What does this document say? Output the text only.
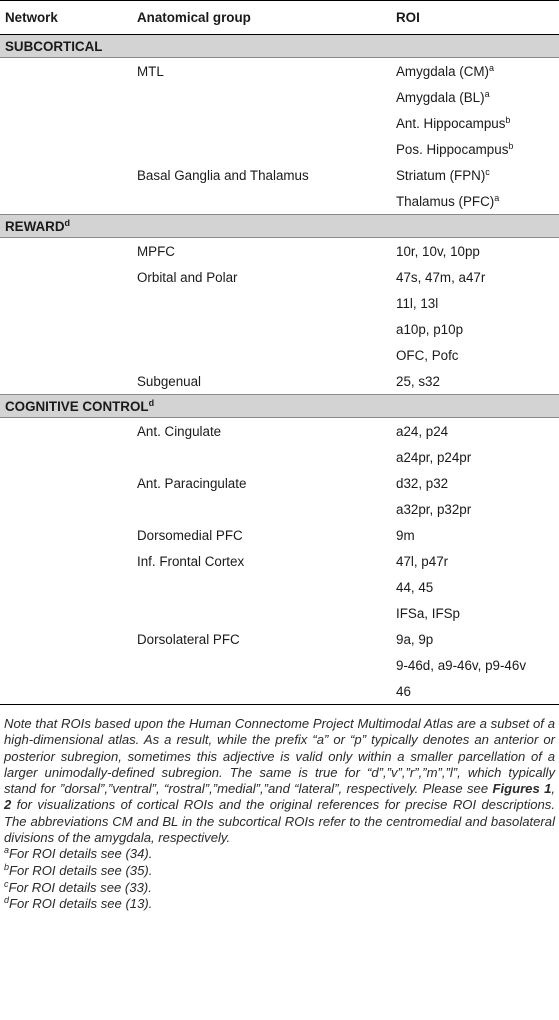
Network	Anatomical group	ROI
SUBCORTICAL		
	MTL	Amygdala (CM)$^a$
		Amygdala (BL)$^a$
		Ant. Hippocampus$^b$
		Pos. Hippocampus$^b$
	Basal Ganglia and Thalamus	Striatum (FPN)$^c$
		Thalamus (PFC)$^a$
REWARD$^d$
	MPFC	10r, 10v, 10pp
	Orbital and Polar	47s, 47m, a47r
		11l, 13l
		a10p, p10p
		OFC, Pofc
	Subgenual	25, s32
COGNITIVE CONTROL$^d$
	Ant. Cingulate	a24, p24
		a24pr, p24pr
	Ant. Paracingulate	d32, p32
		a32pr, p32pr
	Dorsomedial PFC	9m
	Inf. Frontal Cortex	47l, p47r
		44, 45
		IFSa, IFSp
	Dorsolateral PFC	9a, 9p
		9-46d, a9-46v, p9-46v
		46
Note that ROIs based upon the Human Connectome Project Multimodal Atlas are a subset of a high-dimensional atlas. As a result, while the prefix “a” or “p” typically denotes an anterior or posterior subregion, sometimes this adjective is valid only within a smaller parcellation of a larger unimodally-defined subregion. The same is true for “d”,”v”,”r”,”m”,”l”, which typically stand for ”dorsal”,”ventral”, “rostral”,”medial”,”and “lateral”, respectively. Please see Figures 1, 2 for visualizations of cortical ROIs and the original references for precise ROI descriptions. The abbreviations CM and BL in the subcortical ROIs refer to the centromedial and basolateral divisions of the amygdala, respectively.
$^a$For ROI details see (34).
$^b$For ROI details see (35).
$^c$For ROI details see (33).
$^d$For ROI details see (13).
